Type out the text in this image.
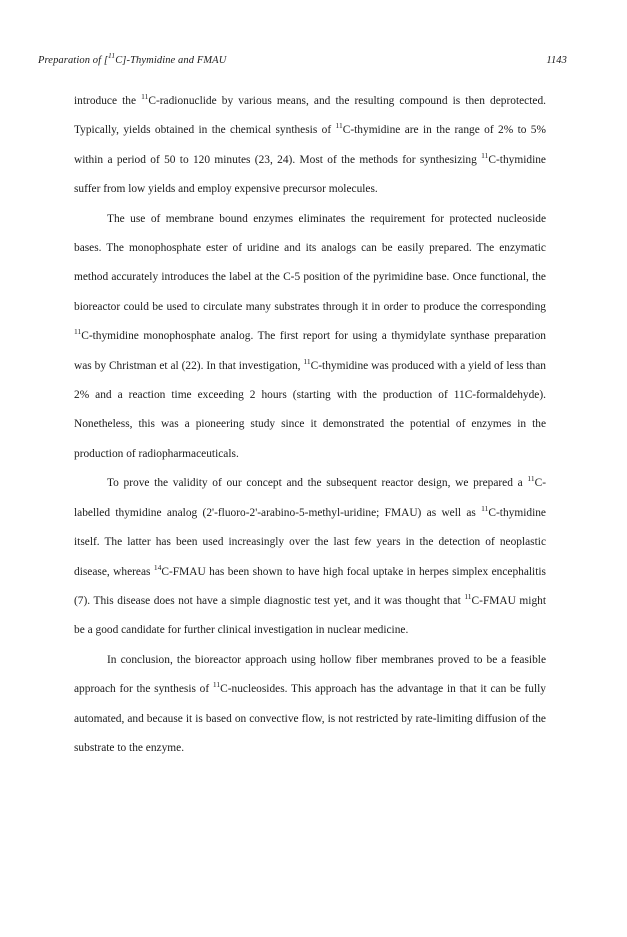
Preparation of [$^{11}$C]-Thymidine and FMAU	1143

introduce the $^{11}$C-radionuclide by various means, and the resulting compound is then deprotected. Typically, yields obtained in the chemical synthesis of $^{11}$C-thymidine are in the range of 2% to 5% within a period of 50 to 120 minutes (23, 24). Most of the methods for synthesizing $^{11}$C-thymidine suffer from low yields and employ expensive precursor molecules.

The use of membrane bound enzymes eliminates the requirement for protected nucleoside bases. The monophosphate ester of uridine and its analogs can be easily prepared. The enzymatic method accurately introduces the label at the C-5 position of the pyrimidine base. Once functional, the bioreactor could be used to circulate many substrates through it in order to produce the corresponding $^{11}$C-thymidine monophosphate analog. The first report for using a thymidylate synthase preparation was by Christman et al (22). In that investigation, $^{11}$C-thymidine was produced with a yield of less than 2% and a reaction time exceeding 2 hours (starting with the production of 11C-formaldehyde). Nonetheless, this was a pioneering study since it demonstrated the potential of enzymes in the production of radiopharmaceuticals.

To prove the validity of our concept and the subsequent reactor design, we prepared a $^{11}$C-labelled thymidine analog (2'-fluoro-2'-arabino-5-methyl-uridine; FMAU) as well as $^{11}$C-thymidine itself. The latter has been used increasingly over the last few years in the detection of neoplastic disease, whereas $^{14}$C-FMAU has been shown to have high focal uptake in herpes simplex encephalitis (7). This disease does not have a simple diagnostic test yet, and it was thought that $^{11}$C-FMAU might be a good candidate for further clinical investigation in nuclear medicine.

In conclusion, the bioreactor approach using hollow fiber membranes proved to be a feasible approach for the synthesis of $^{11}$C-nucleosides. This approach has the advantage in that it can be fully automated, and because it is based on convective flow, is not restricted by rate-limiting diffusion of the substrate to the enzyme.
